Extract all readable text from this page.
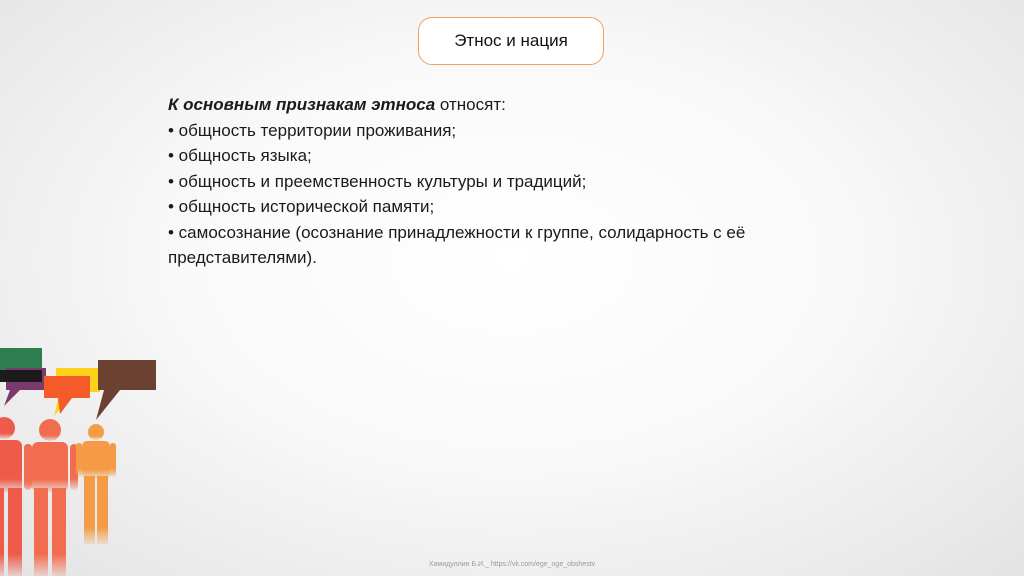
Этнос и нация
К основным признакам этноса относят:
• общность территории проживания;
• общность языка;
• общность и преемственность культуры и традиций;
• общность исторической памяти;
• самосознание (осознание принадлежности к группе, солидарность с её представителями).
Хамидуллин Б.И._ https://vk.com/ege_oge_obshestv
